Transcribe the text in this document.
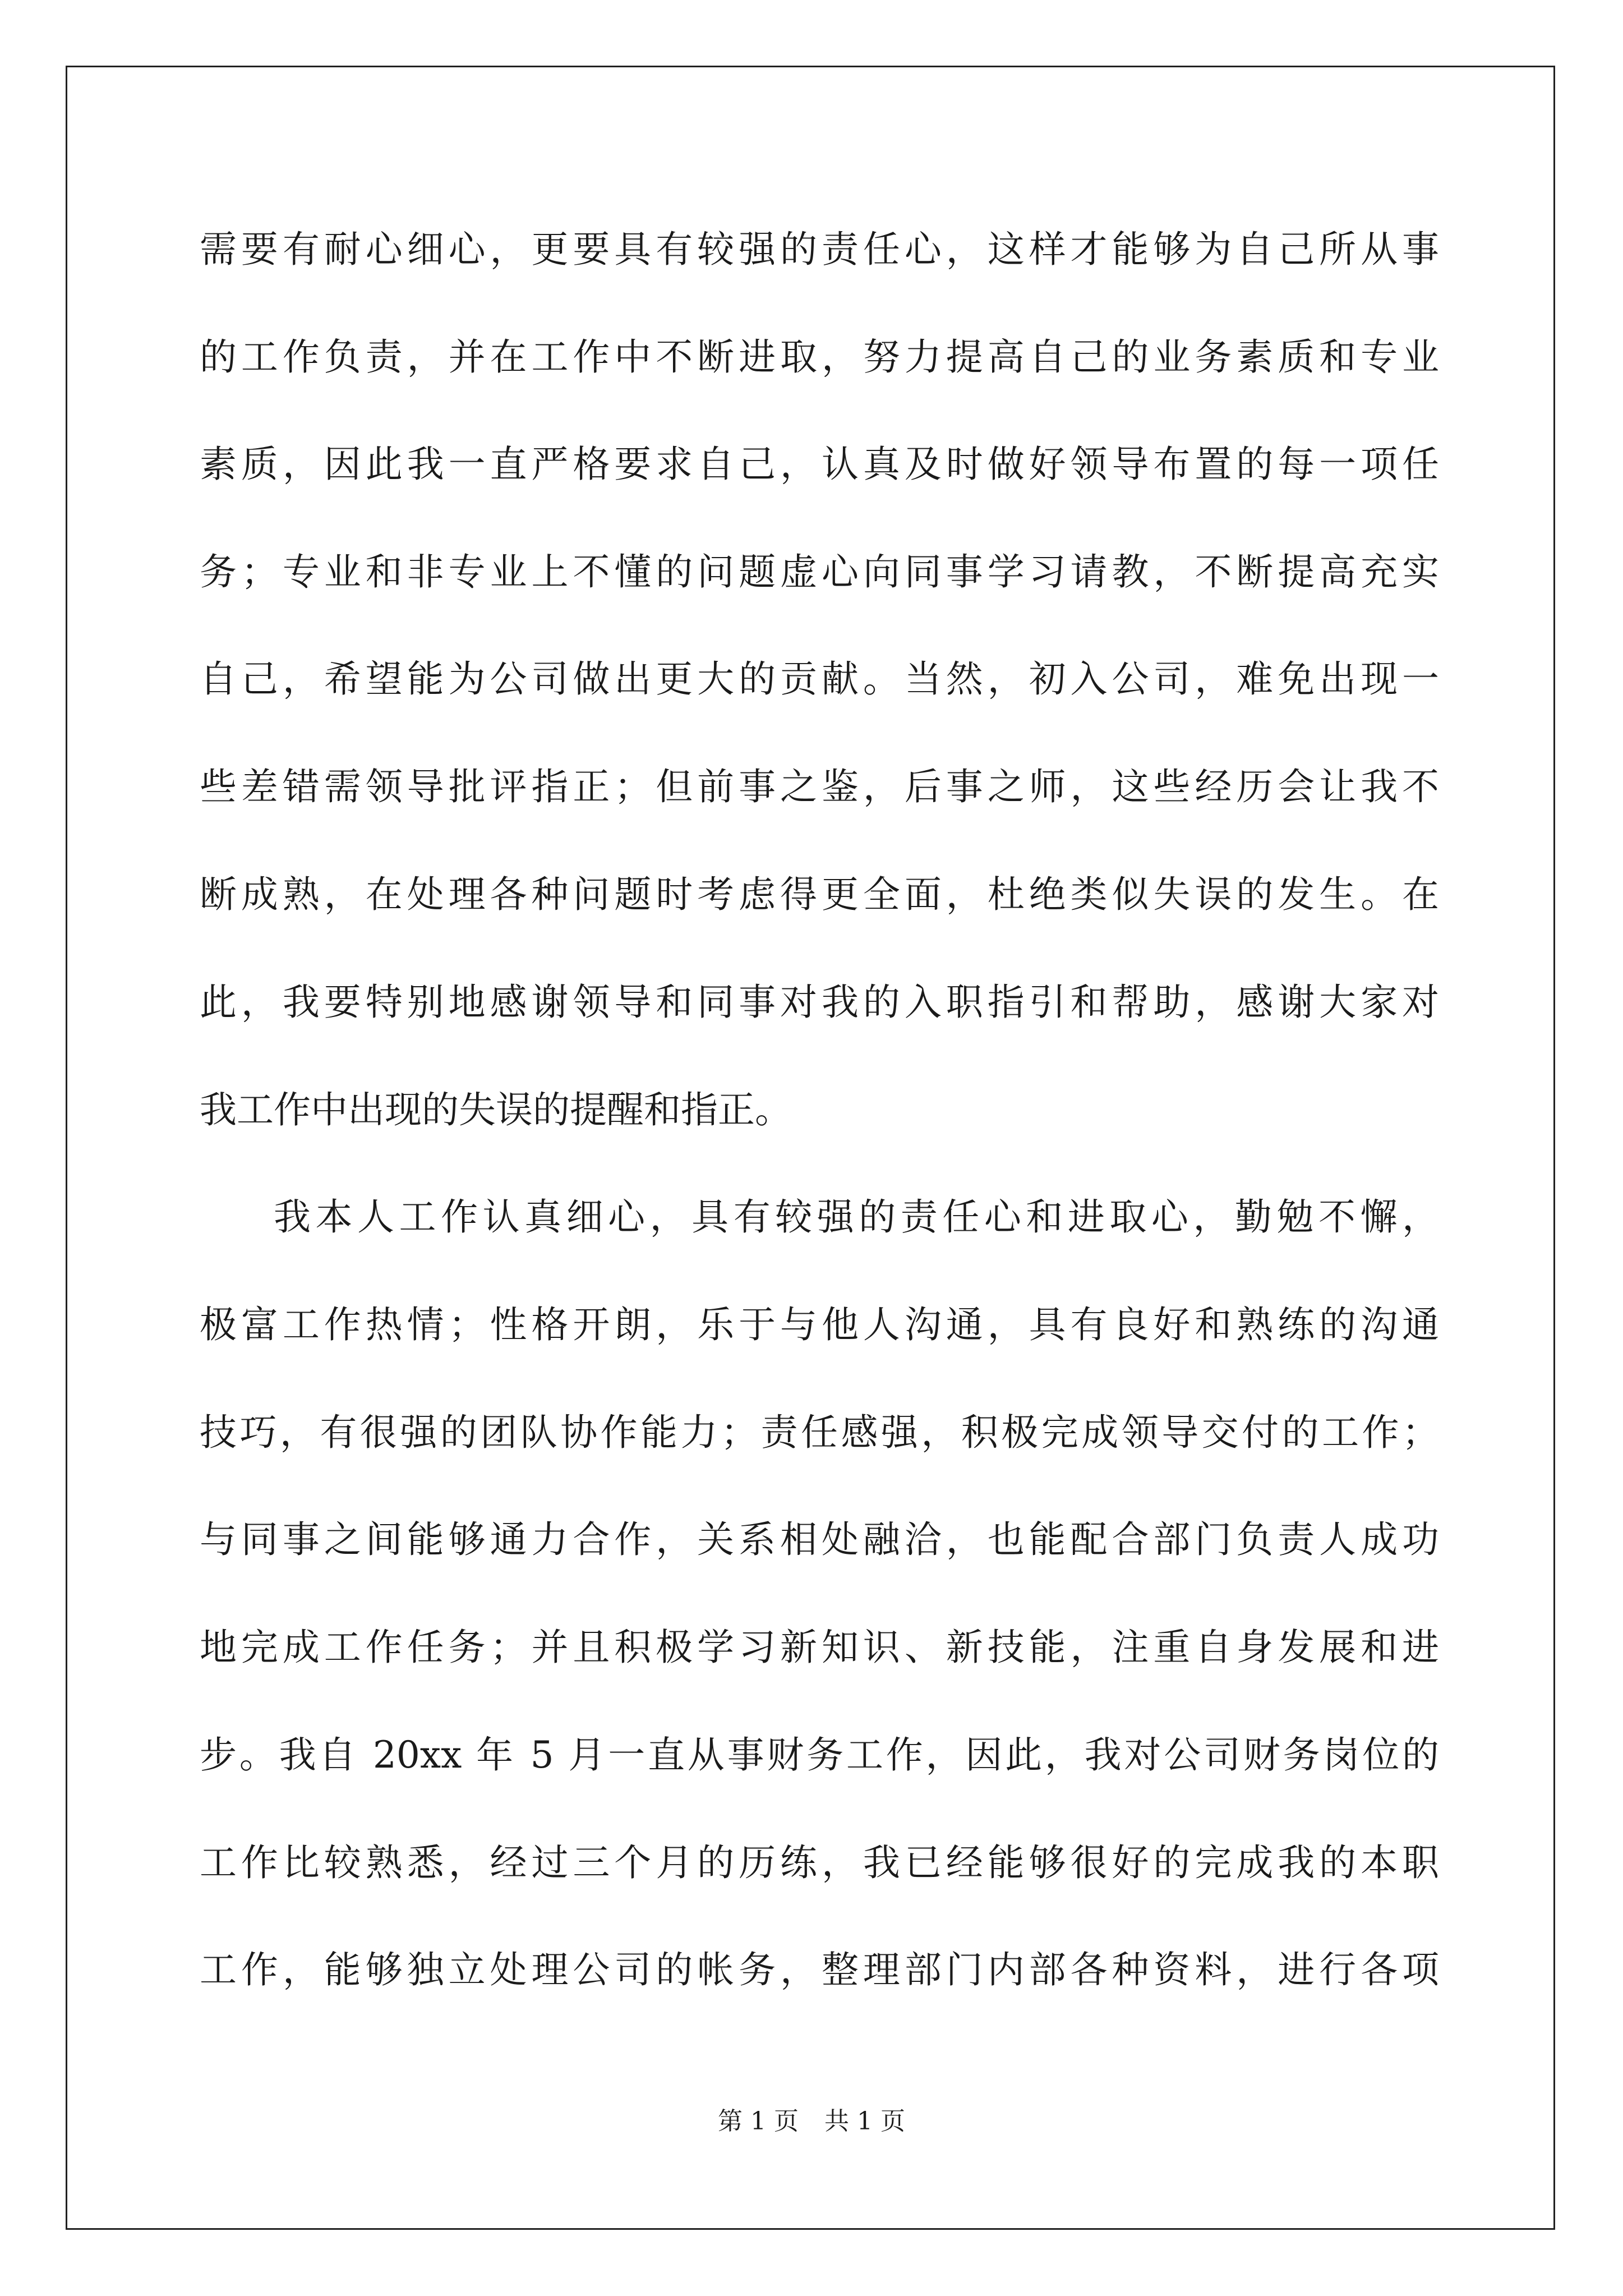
需要有耐心细心，更要具有较强的责任心，这样才能够为自己所从事
的工作负责，并在工作中不断进取，努力提高自己的业务素质和专业
素质，因此我一直严格要求自己，认真及时做好领导布置的每一项任
务；专业和非专业上不懂的问题虚心向同事学习请教，不断提高充实
自己，希望能为公司做出更大的贡献。当然，初入公司，难免出现一
些差错需领导批评指正；但前事之鉴，后事之师，这些经历会让我不
断成熟，在处理各种问题时考虑得更全面，杜绝类似失误的发生。在
此，我要特别地感谢领导和同事对我的入职指引和帮助，感谢大家对
我工作中出现的失误的提醒和指正。
我本人工作认真细心，具有较强的责任心和进取心，勤勉不懈，
极富工作热情；性格开朗，乐于与他人沟通，具有良好和熟练的沟通
技巧，有很强的团队协作能力；责任感强，积极完成领导交付的工作；
与同事之间能够通力合作，关系相处融洽，也能配合部门负责人成功
地完成工作任务；并且积极学习新知识、新技能，注重自身发展和进
步。我自 20xx 年 5 月一直从事财务工作，因此，我对公司财务岗位的
工作比较熟悉，经过三个月的历练，我已经能够很好的完成我的本职
工作，能够独立处理公司的帐务，整理部门内部各种资料，进行各项
第 1 页 共 1 页
